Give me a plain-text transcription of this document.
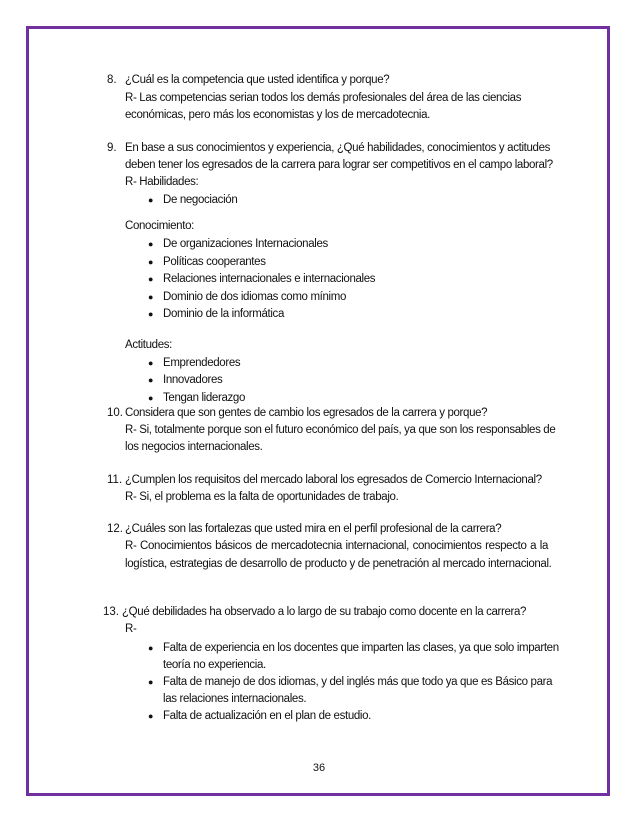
8. ¿Cuál es la competencia que usted identifica y porque?
R- Las competencias serian todos los demás profesionales del área de las ciencias
económicas, pero más los economistas y los de mercadotecnia.
9. En base a sus conocimientos y experiencia, ¿Qué habilidades, conocimientos y actitudes
deben tener los egresados de la carrera para lograr ser competitivos en el campo laboral?
R- Habilidades:
● De negociación
Conocimiento:
● De organizaciones Internacionales
● Políticas cooperantes
● Relaciones internacionales e internacionales
● Dominio de dos idiomas como mínimo
● Dominio de la informática
Actitudes:
● Emprendedores
● Innovadores
● Tengan liderazgo
10. Considera que son gentes de cambio los egresados de la carrera y porque?
R- Si, totalmente porque son el futuro económico del país, ya que son los responsables de
los negocios internacionales.
11. ¿Cumplen los requisitos del mercado laboral los egresados de Comercio Internacional?
R- Si, el problema es la falta de oportunidades de trabajo.
12. ¿Cuáles son las fortalezas que usted mira en el perfil profesional de la carrera?
R- Conocimientos básicos de mercadotecnia internacional, conocimientos respecto a la
logística, estrategias de desarrollo de producto y de penetración al mercado internacional.
13. ¿Qué debilidades ha observado a lo largo de su trabajo como docente en la carrera?
R-
● Falta de experiencia en los docentes que imparten las clases, ya que solo imparten
teoría no experiencia.
● Falta de manejo de dos idiomas, y del inglés más que todo ya que es Básico para
las relaciones internacionales.
● Falta de actualización en el plan de estudio.
36
